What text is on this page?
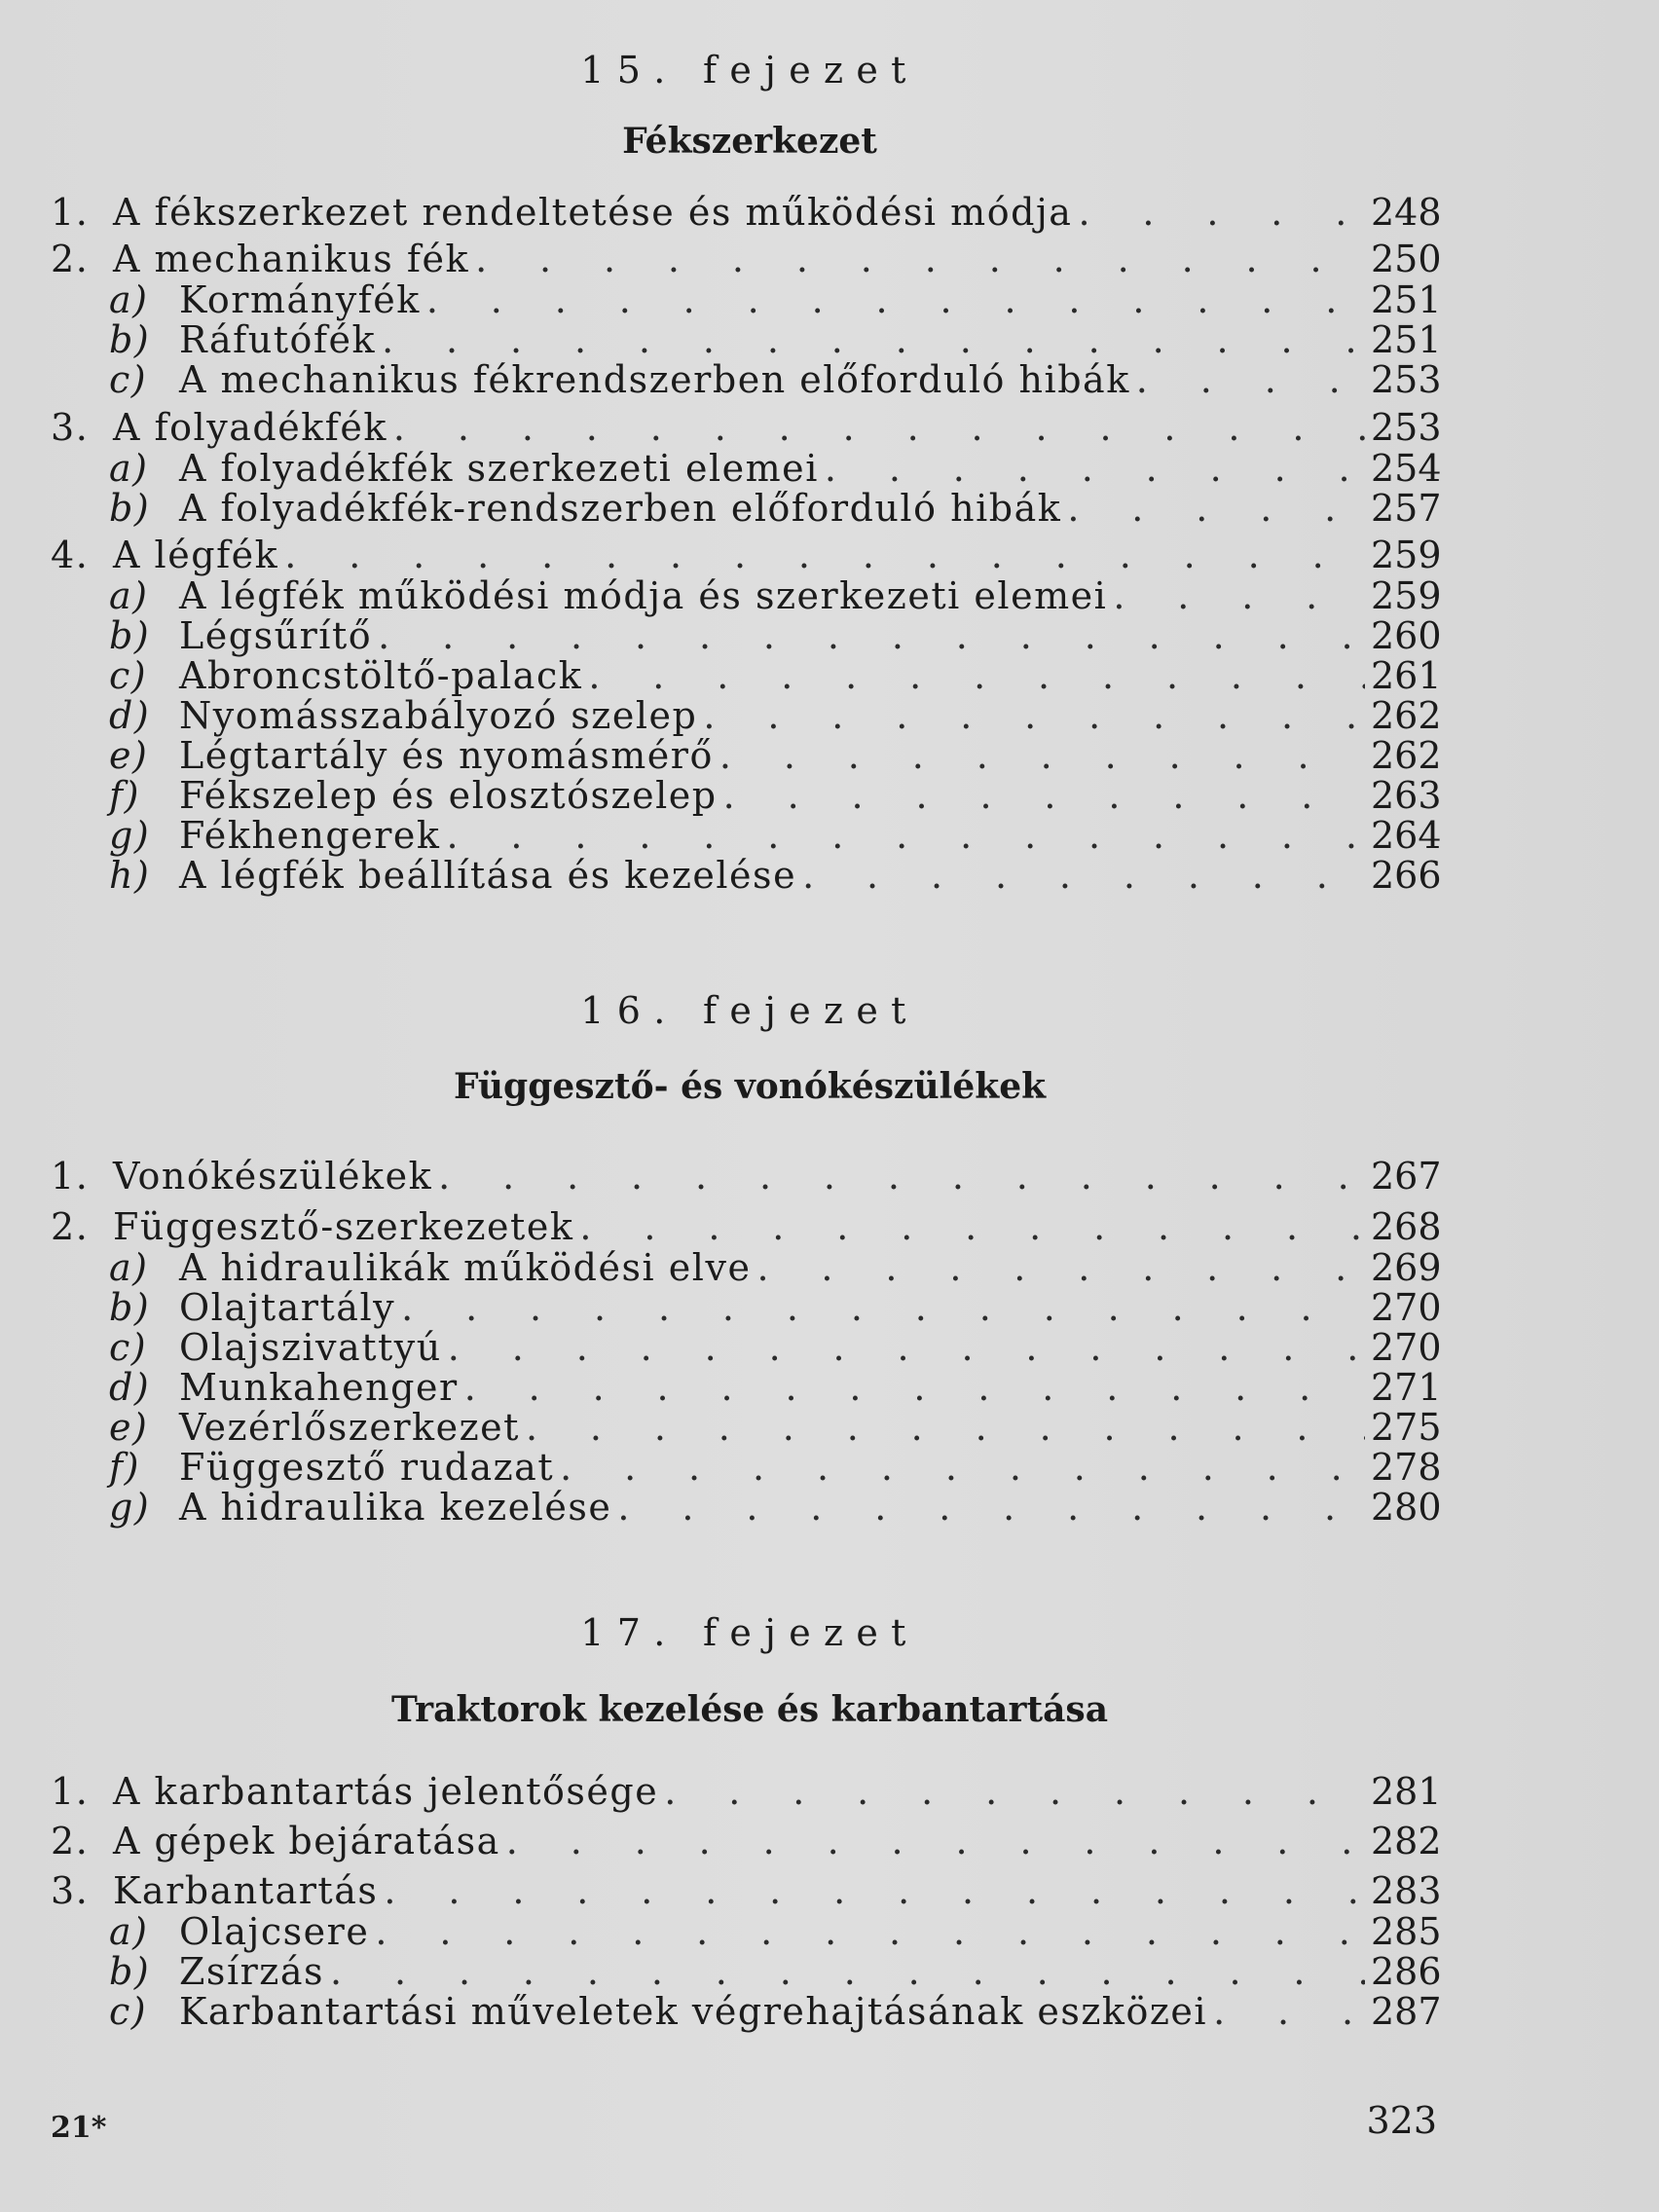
15. fejezet
Fékszerkezet
1. A fékszerkezet rendeltetése és működési módja . . .	248
2. A mechanikus fék . . .	250
a) Kormányfék . . .	251
b) Ráfutófék . . .	251
c) A mechanikus fékrendszerben előforduló hibák . . .	253
3. A folyadékfék . . .	253
a) A folyadékfék szerkezeti elemei . . .	254
b) A folyadékfék-rendszerben előforduló hibák . . .	257
4. A légfék . . .	259
a) A légfék működési módja és szerkezeti elemei . . .	259
b) Légsűrítő . . .	260
c) Abroncstöltő-palack . . .	261
d) Nyomásszabályozó szelep . . .	262
e) Légtartály és nyomásmérő . . .	262
f)	Fékszelep és elosztószelep . . .	263
g) Fékhengerek . . .	264
h) A légfék beállítása és kezelése . . .	266
16. fejezet
Függesztő- és vonókészülékek
1. Vonókészülékek . . .	267
2. Függesztő-szerkezetek . . .	268
a) A hidraulikák működési elve . . .	269
b) Olajtartály . . .	270
c) Olajszivattyú . . .	270
d) Munkahenger . . .	271
e) Vezérlőszerkezet . . .	275
f)	Függesztő rudazat . . .	278
g) A hidraulika kezelése . . .	280
17. fejezet
Traktorok kezelése és karbantartása
1. A karbantartás jelentősége . . .	281
2. A gépek bejáratása . . .	282
3. Karbantartás . . .	283
a) Olajcsere . . .	285
b) Zsírzás . . .	286
c) Karbantartási műveletek végrehajtásának eszközei . . .	287
21*	323
